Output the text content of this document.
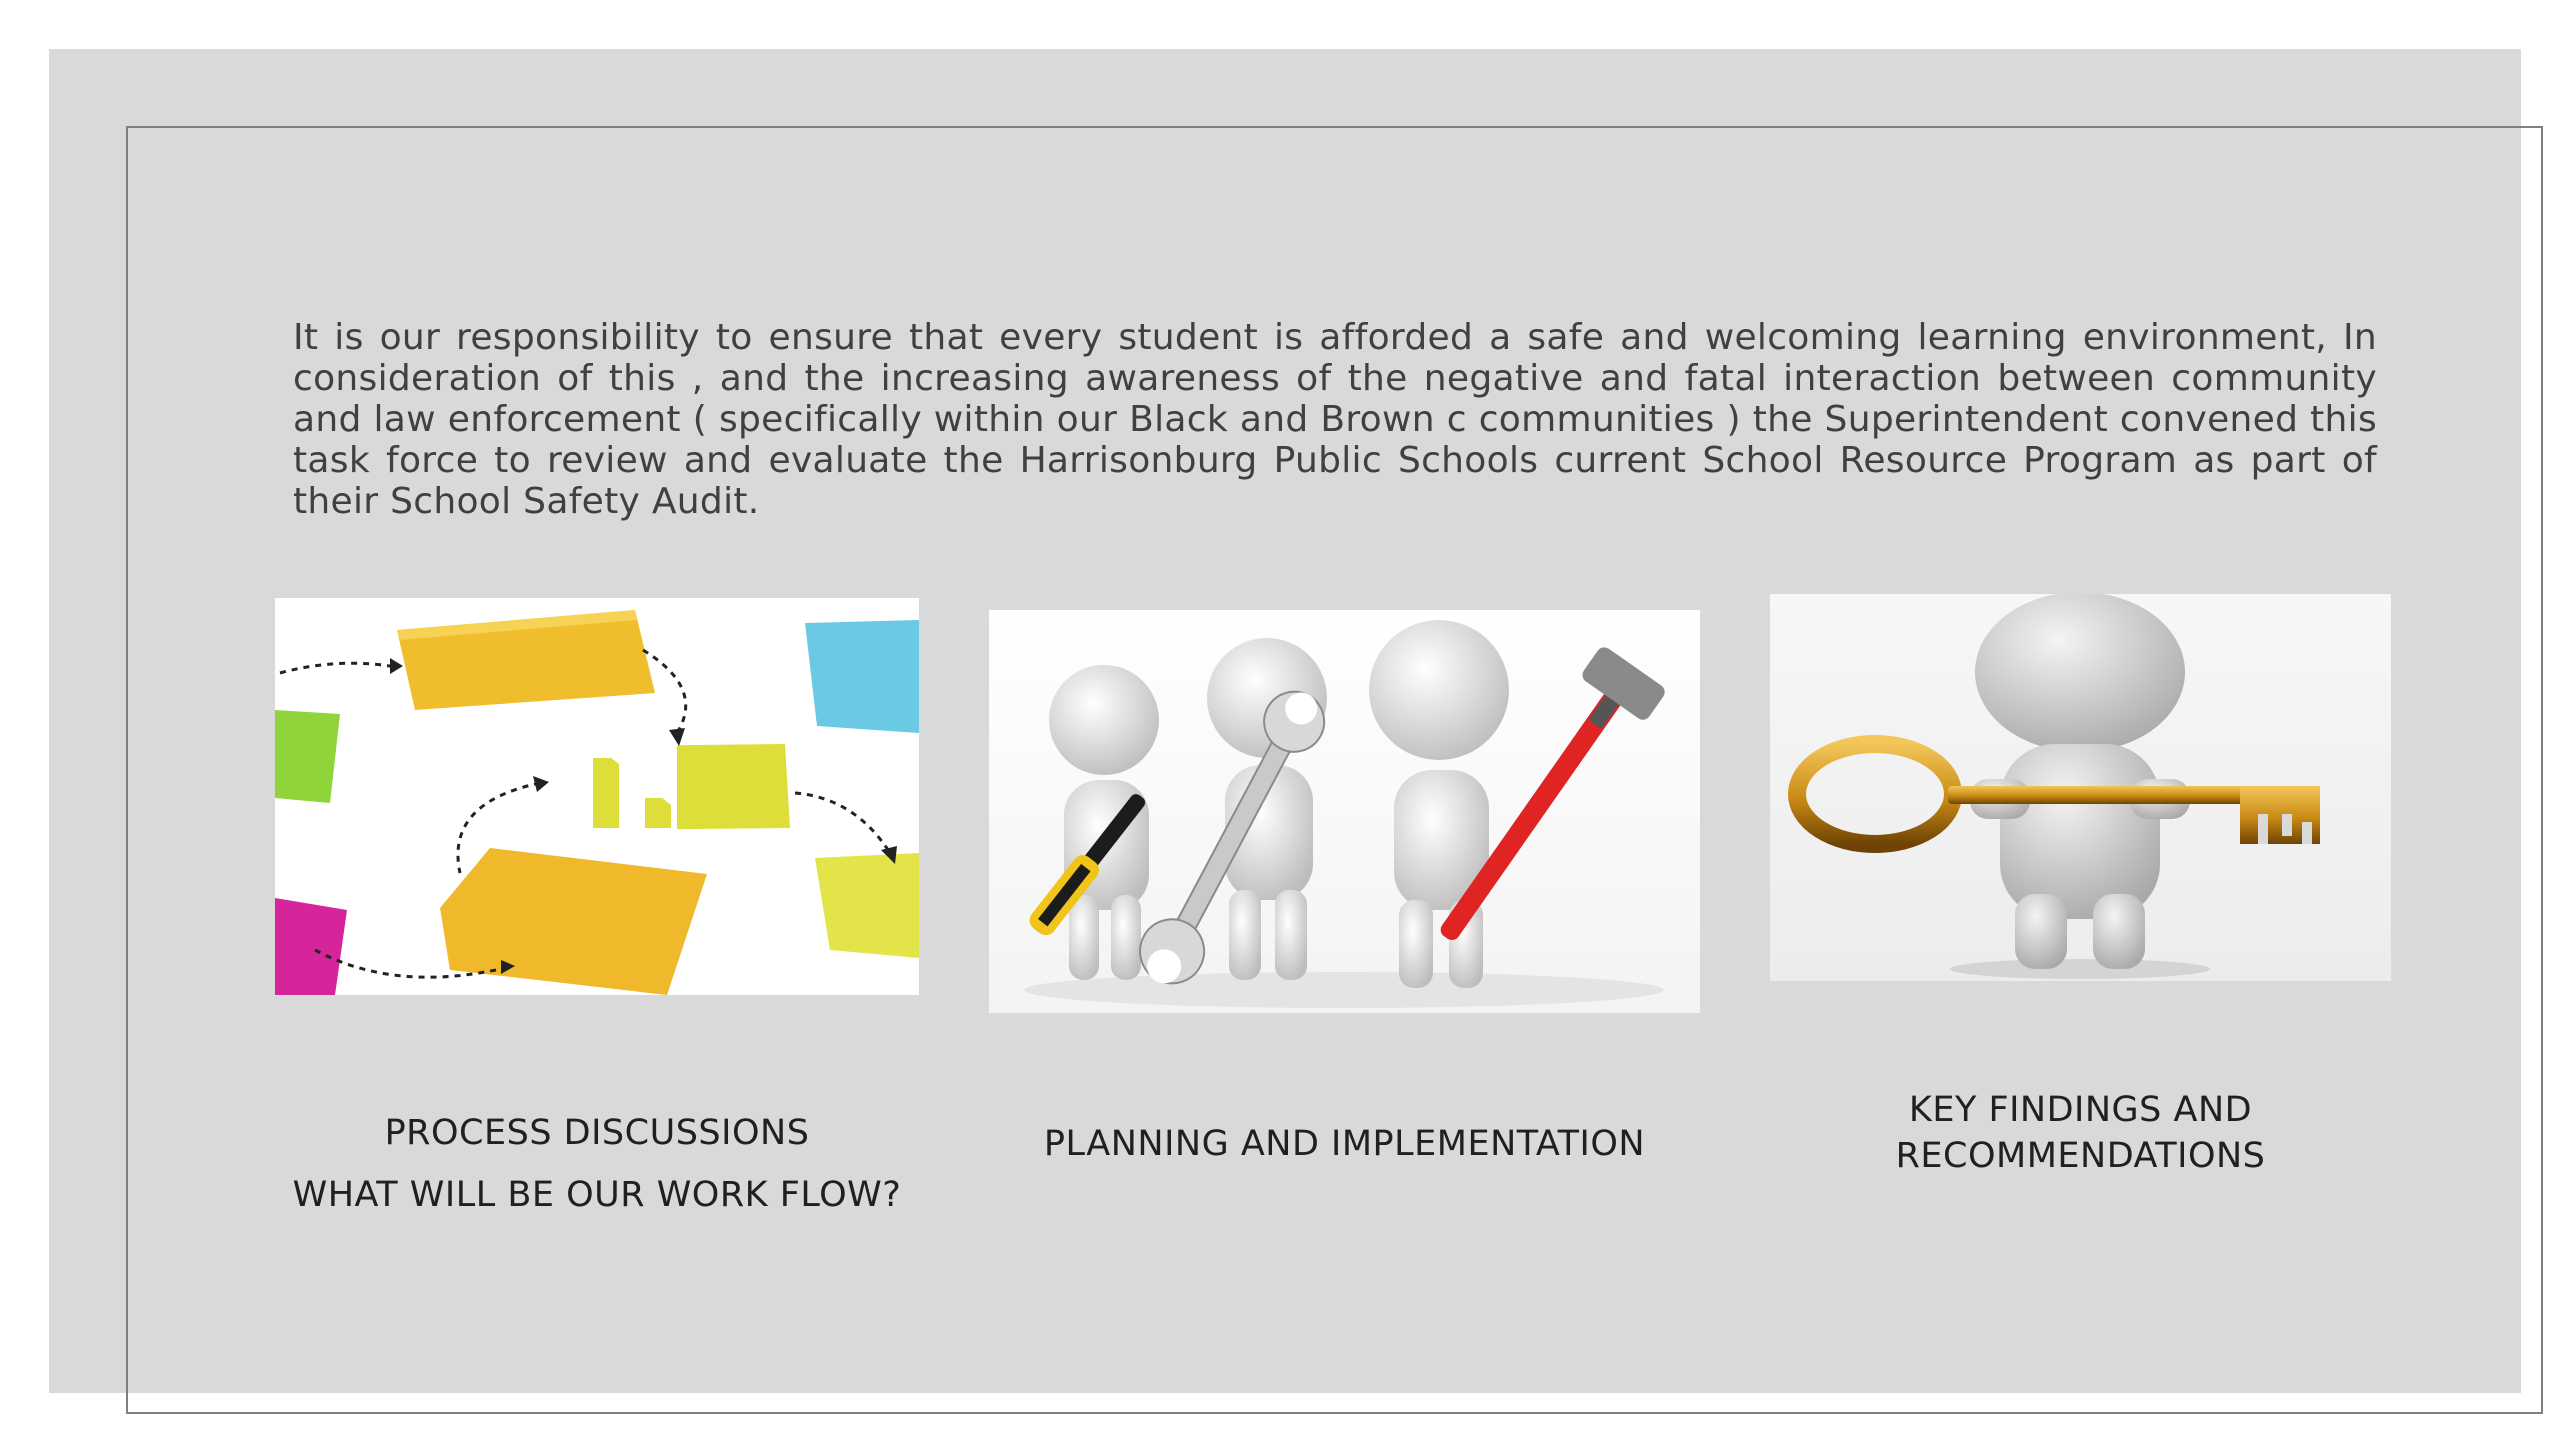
It is our responsibility to ensure that every student is afforded a safe and welcoming learning environment, In consideration of this , and the increasing awareness of the negative and fatal interaction between community and law enforcement ( specifically within our Black and Brown c communities ) the Superintendent convened this task force to review and evaluate the Harrisonburg Public Schools current School Resource Program as part of their School Safety Audit.

PROCESS DISCUSSIONS

WHAT WILL BE OUR WORK FLOW?

PLANNING AND IMPLEMENTATION

KEY FINDINGS AND
RECOMMENDATIONS
